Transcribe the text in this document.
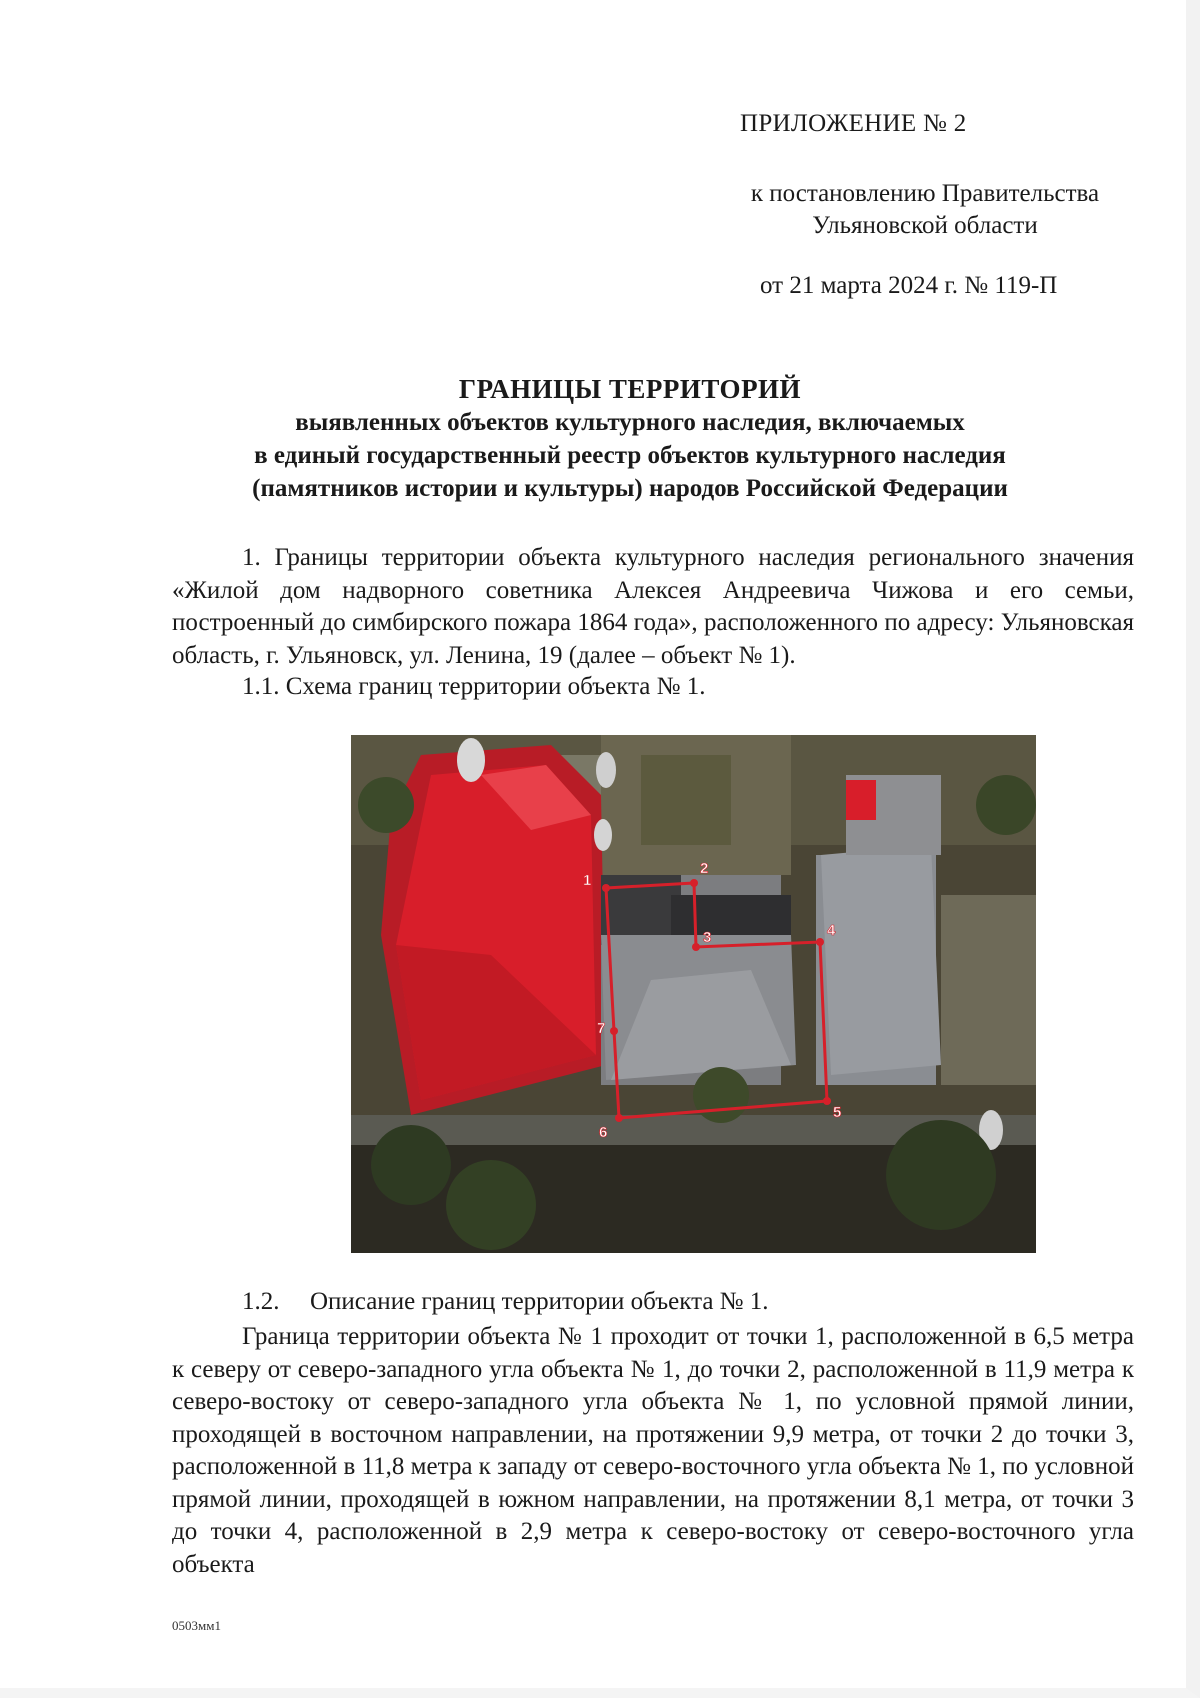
ПРИЛОЖЕНИЕ № 2
к постановлению Правительства
Ульяновской области
от 21 марта 2024 г. № 119-П
ГРАНИЦЫ ТЕРРИТОРИЙ
выявленных объектов культурного наследия, включаемых
в единый государственный реестр объектов культурного наследия
(памятников истории и культуры) народов Российской Федерации
1. Границы территории объекта культурного наследия регионального значения «Жилой дом надворного советника Алексея Андреевича Чижова и его семьи, построенный до симбирского пожара 1864 года», расположенного по адресу: Ульяновская область, г. Ульяновск, ул. Ленина, 19 (далее – объект № 1).
1.1. Схема границ территории объекта № 1.
1
2
3	4
5
6
7
1.2. Описание границ территории объекта № 1.
Граница территории объекта № 1 проходит от точки 1, расположенной в 6,5 метра к северу от северо-западного угла объекта № 1, до точки 2, расположенной в 11,9 метра к северо-востоку от северо-западного угла объекта № 1, по условной прямой линии, проходящей в восточном направлении, на протяжении 9,9 метра, от точки 2 до точки 3, расположенной в 11,8 метра к западу от северо-восточного угла объекта № 1, по условной прямой линии, проходящей в южном направлении, на протяжении 8,1 метра, от точки 3 до точки 4, расположенной в 2,9 метра к северо-востоку от северо-восточного угла объекта
0503мм1
